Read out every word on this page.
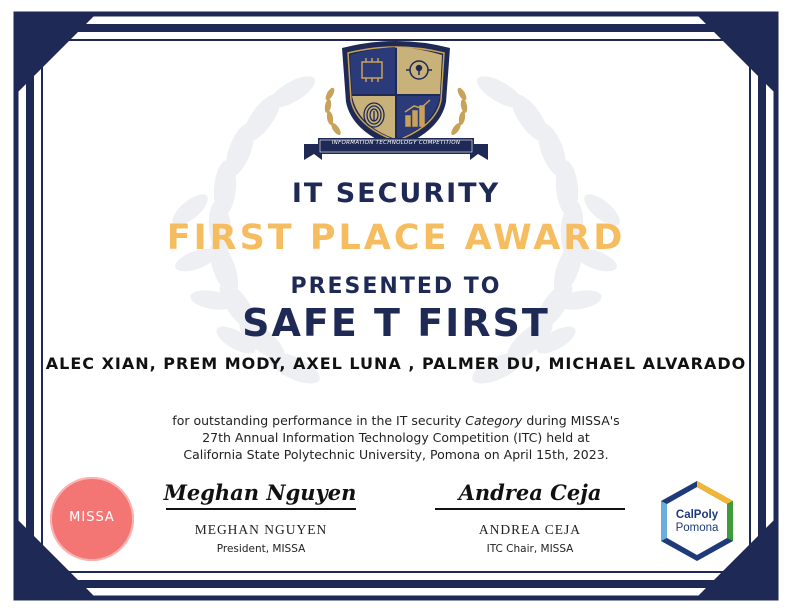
INFORMATION TECHNOLOGY COMPETITION
IT SECURITY
FIRST PLACE AWARD
PRESENTED TO
SAFE T FIRST
ALEC XIAN, PREM MODY, AXEL LUNA , PALMER DU, MICHAEL ALVARADO
for outstanding performance in the IT security Category during MISSA's
27th Annual Information Technology Competition (ITC) held at
California State Polytechnic University, Pomona on April 15th, 2023.
Meghan Nguyen
MEGHAN NGUYEN
President, MISSA
Andrea Ceja
ANDREA CEJA
ITC Chair, MISSA
MISSA	CalPoly
Pomona
